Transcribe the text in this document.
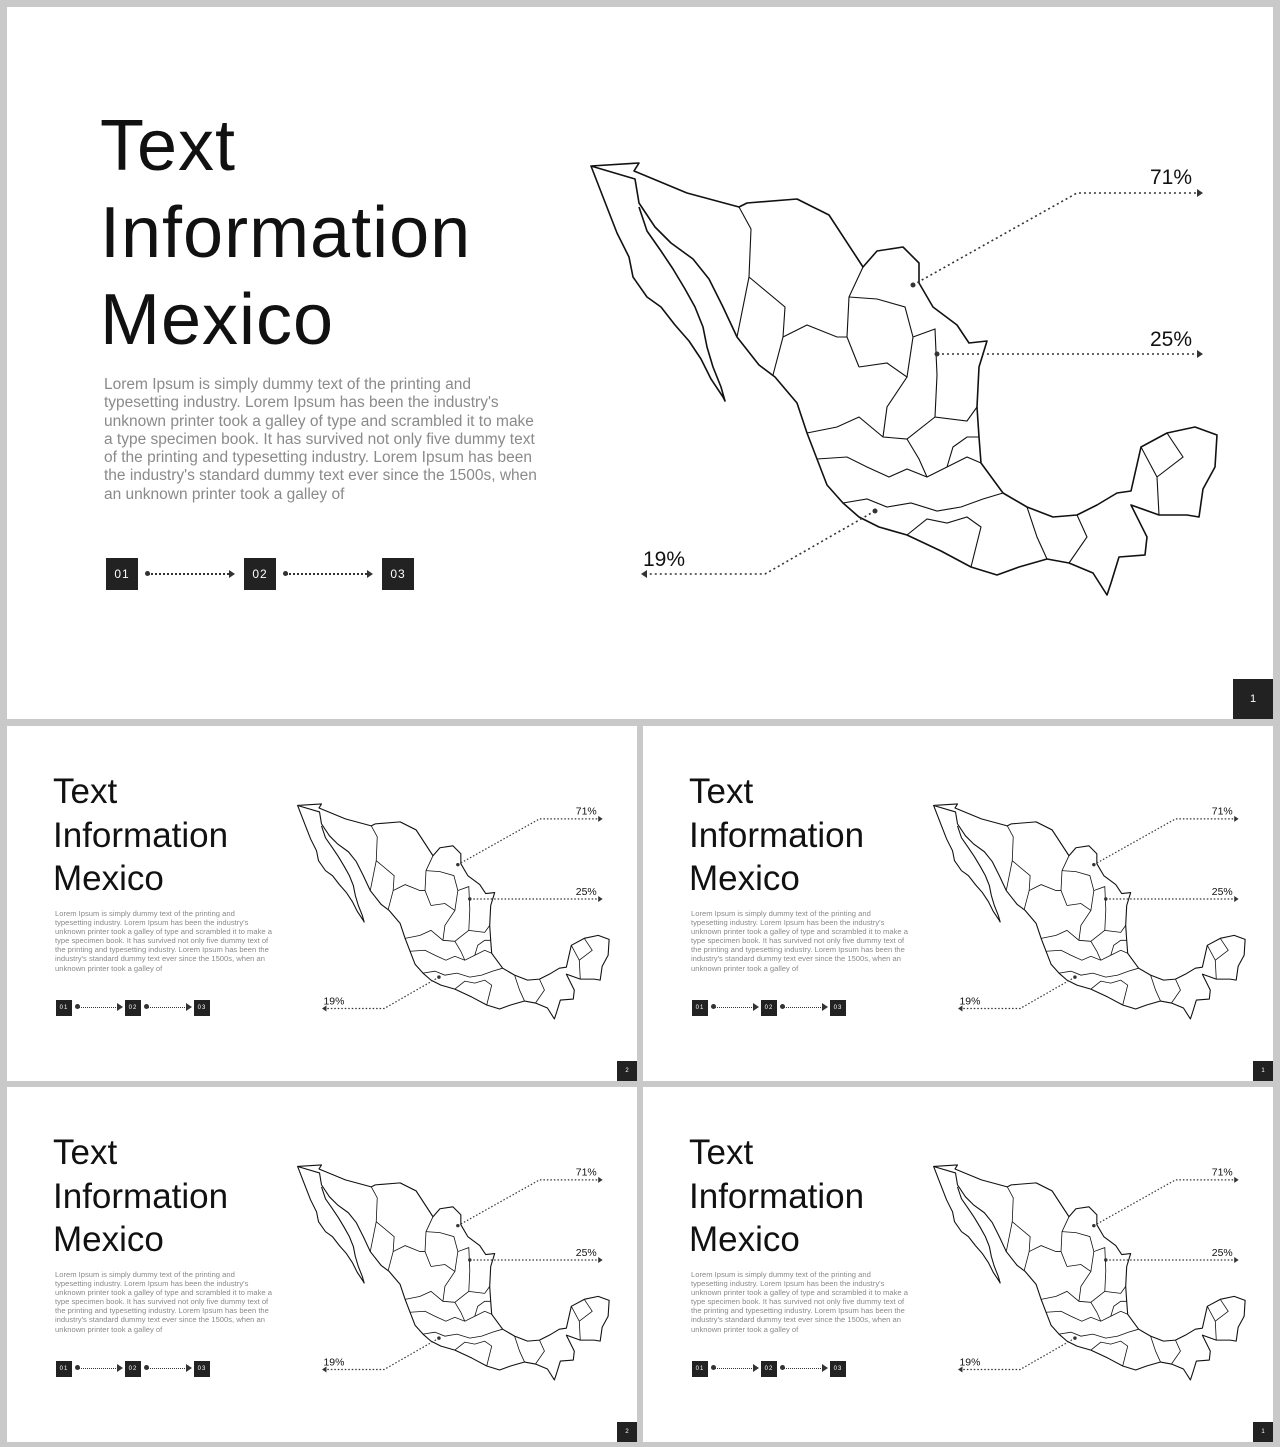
Text
Information
Mexico
Lorem Ipsum is simply dummy text of the printing and typesetting industry. Lorem Ipsum has been the industry's unknown printer took a galley of type and scrambled it to make a type specimen book. It has survived not only five dummy text of the printing and typesetting industry. Lorem Ipsum has been the industry's standard dummy text ever since the 1500s, when an unknown printer took a galley of
01	02	03
71%
25%
19%
1
Text
Information
Mexico
Lorem Ipsum is simply dummy text of the printing and typesetting industry. Lorem Ipsum has been the industry's unknown printer took a galley of type and scrambled it to make a type specimen book. It has survived not only five dummy text of the printing and typesetting industry. Lorem Ipsum has been the industry's standard dummy text ever since the 1500s, when an unknown printer took a galley of
01	02	03
71%
25%
19%
2
Text
Information
Mexico
Lorem Ipsum is simply dummy text of the printing and typesetting industry. Lorem Ipsum has been the industry's unknown printer took a galley of type and scrambled it to make a type specimen book. It has survived not only five dummy text of the printing and typesetting industry. Lorem Ipsum has been the industry's standard dummy text ever since the 1500s, when an unknown printer took a galley of
01	02	03
71%
25%
19%
1
Text
Information
Mexico
Lorem Ipsum is simply dummy text of the printing and typesetting industry. Lorem Ipsum has been the industry's unknown printer took a galley of type and scrambled it to make a type specimen book. It has survived not only five dummy text of the printing and typesetting industry. Lorem Ipsum has been the industry's standard dummy text ever since the 1500s, when an unknown printer took a galley of
01	02	03
71%
25%
19%
2
Text
Information
Mexico
Lorem Ipsum is simply dummy text of the printing and typesetting industry. Lorem Ipsum has been the industry's unknown printer took a galley of type and scrambled it to make a type specimen book. It has survived not only five dummy text of the printing and typesetting industry. Lorem Ipsum has been the industry's standard dummy text ever since the 1500s, when an unknown printer took a galley of
01	02	03
71%
25%
19%
1
